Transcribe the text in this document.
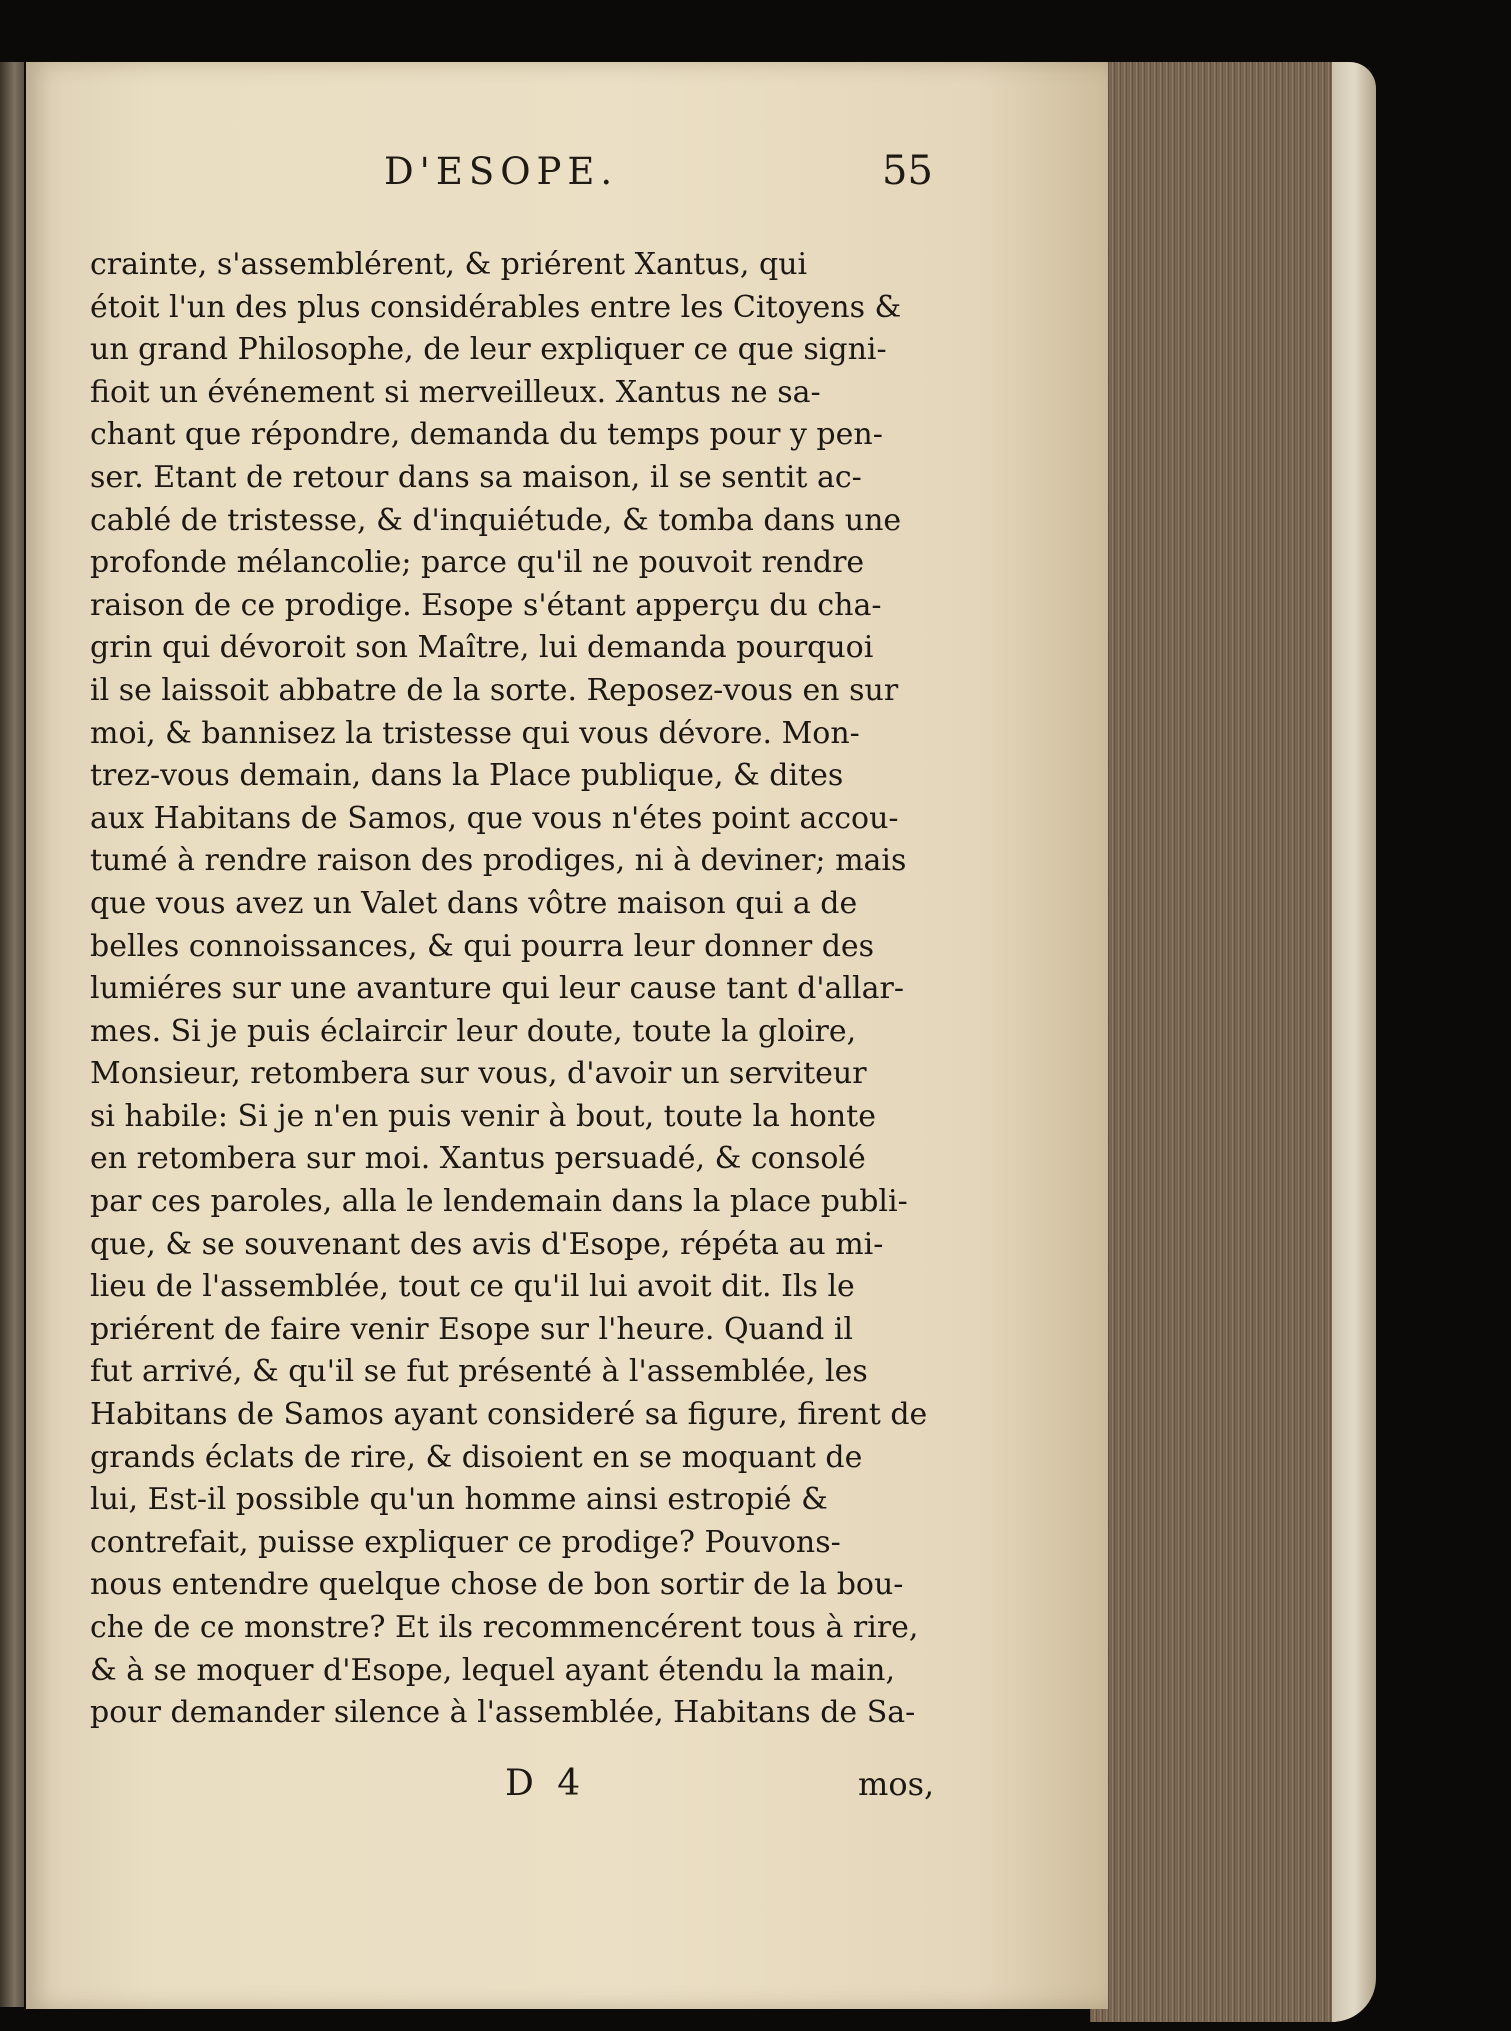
D'ESOPE.	55
crainte, s'assemblérent, & priérent Xantus, qui
étoit l'un des plus considérables entre les Citoyens &
un grand Philosophe, de leur expliquer ce que signi-
fioit un événement si merveilleux. Xantus ne sa-
chant que répondre, demanda du temps pour y pen-
ser. Etant de retour dans sa maison, il se sentit ac-
cablé de tristesse, & d'inquiétude, & tomba dans une
profonde mélancolie; parce qu'il ne pouvoit rendre
raison de ce prodige. Esope s'étant apperçu du cha-
grin qui dévoroit son Maître, lui demanda pourquoi
il se laissoit abbatre de la sorte. Reposez-vous en sur
moi, & bannisez la tristesse qui vous dévore. Mon-
trez-vous demain, dans la Place publique, & dites
aux Habitans de Samos, que vous n'étes point accou-
tumé à rendre raison des prodiges, ni à deviner; mais
que vous avez un Valet dans vôtre maison qui a de
belles connoissances, & qui pourra leur donner des
lumiéres sur une avanture qui leur cause tant d'allar-
mes. Si je puis éclaircir leur doute, toute la gloire,
Monsieur, retombera sur vous, d'avoir un serviteur
si habile: Si je n'en puis venir à bout, toute la honte
en retombera sur moi. Xantus persuadé, & consolé
par ces paroles, alla le lendemain dans la place publi-
que, & se souvenant des avis d'Esope, répéta au mi-
lieu de l'assemblée, tout ce qu'il lui avoit dit. Ils le
priérent de faire venir Esope sur l'heure. Quand il
fut arrivé, & qu'il se fut présenté à l'assemblée, les
Habitans de Samos ayant consideré sa figure, firent de
grands éclats de rire, & disoient en se moquant de
lui, Est-il possible qu'un homme ainsi estropié &
contrefait, puisse expliquer ce prodige? Pouvons-
nous entendre quelque chose de bon sortir de la bou-
che de ce monstre? Et ils recommencérent tous à rire,
& à se moquer d'Esope, lequel ayant étendu la main,
pour demander silence à l'assemblée, Habitans de Sa-
D 4	mos,
